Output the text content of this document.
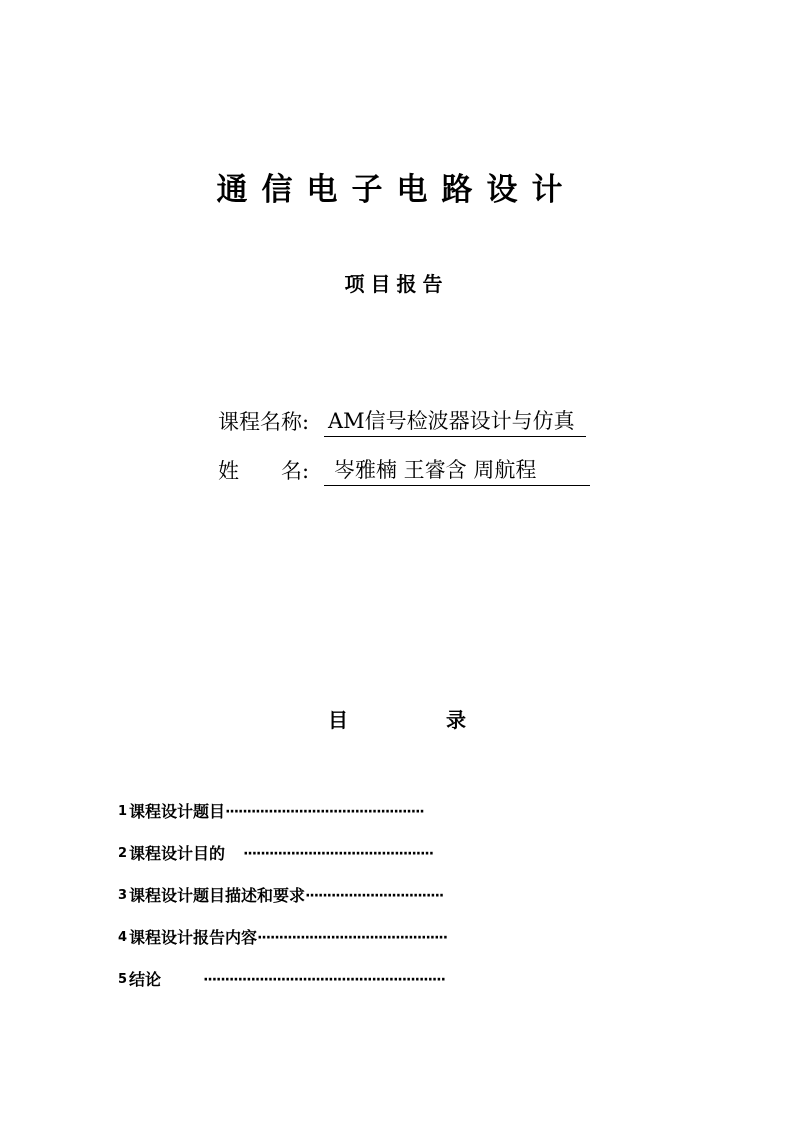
通信电子电路设计
项目报告
课程名称: AM信号检波器设计与仿真
姓　　名:	岑雅楠 王睿含 周航程
目	录
1 课程设计题目 ··············································
2 课程设计目的 ············································
3 课程设计题目描述和要求 ································
4 课程设计报告内容 ············································
5 结论	························································
